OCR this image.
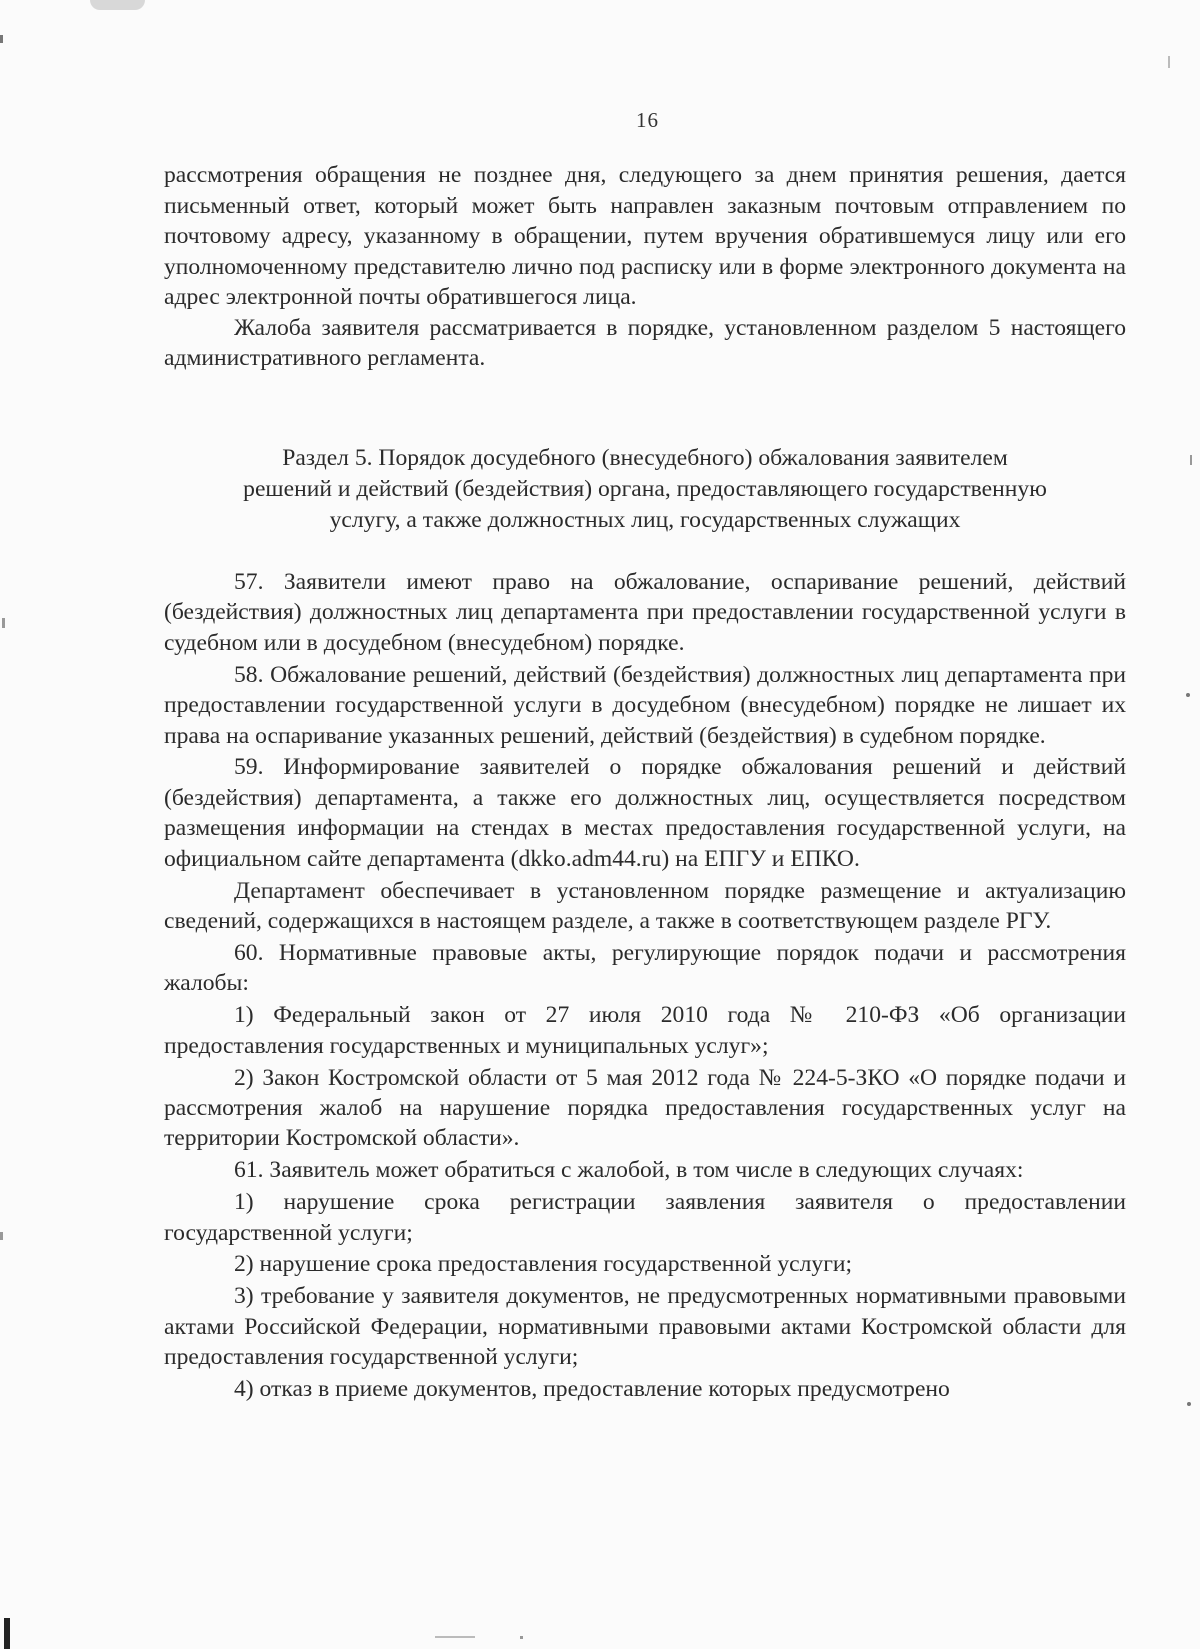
16

рассмотрения обращения не позднее дня, следующего за днем принятия решения, дается письменный ответ, который может быть направлен заказным почтовым отправлением по почтовому адресу, указанному в обращении, путем вручения обратившемуся лицу или его уполномоченному представителю лично под расписку или в форме электронного документа на адрес электронной почты обратившегося лица.

Жалоба заявителя рассматривается в порядке, установленном разделом 5 настоящего административного регламента.

Раздел 5. Порядок досудебного (внесудебного) обжалования заявителем

решений и действий (бездействия) органа, предоставляющего государственную

услугу, а также должностных лиц, государственных служащих

57. Заявители имеют право на обжалование, оспаривание решений, действий (бездействия) должностных лиц департамента при предоставлении государственной услуги в судебном или в досудебном (внесудебном) порядке.

58. Обжалование решений, действий (бездействия) должностных лиц департамента при предоставлении государственной услуги в досудебном (внесудебном) порядке не лишает их права на оспаривание указанных решений, действий (бездействия) в судебном порядке.

59. Информирование заявителей о порядке обжалования решений и действий (бездействия) департамента, а также его должностных лиц, осуществляется посредством размещения информации на стендах в местах предоставления государственной услуги, на официальном сайте департамента (dkko.adm44.ru) на ЕПГУ и ЕПКО.

Департамент обеспечивает в установленном порядке размещение и актуализацию сведений, содержащихся в настоящем разделе, а также в соответствующем разделе РГУ.

60. Нормативные правовые акты, регулирующие порядок подачи и рассмотрения жалобы:

1) Федеральный закон от 27 июля 2010 года № 210-ФЗ «Об организации предоставления государственных и муниципальных услуг»;

2) Закон Костромской области от 5 мая 2012 года № 224-5-ЗКО «О порядке подачи и рассмотрения жалоб на нарушение порядка предоставления государственных услуг на территории Костромской области».

61. Заявитель может обратиться с жалобой, в том числе в следующих случаях:

1) нарушение срока регистрации заявления заявителя о предоставлении государственной услуги;

2) нарушение срока предоставления государственной услуги;

3) требование у заявителя документов, не предусмотренных нормативными правовыми актами Российской Федерации, нормативными правовыми актами Костромской области для предоставления государственной услуги;

4) отказ в приеме документов, предоставление которых предусмотрено
